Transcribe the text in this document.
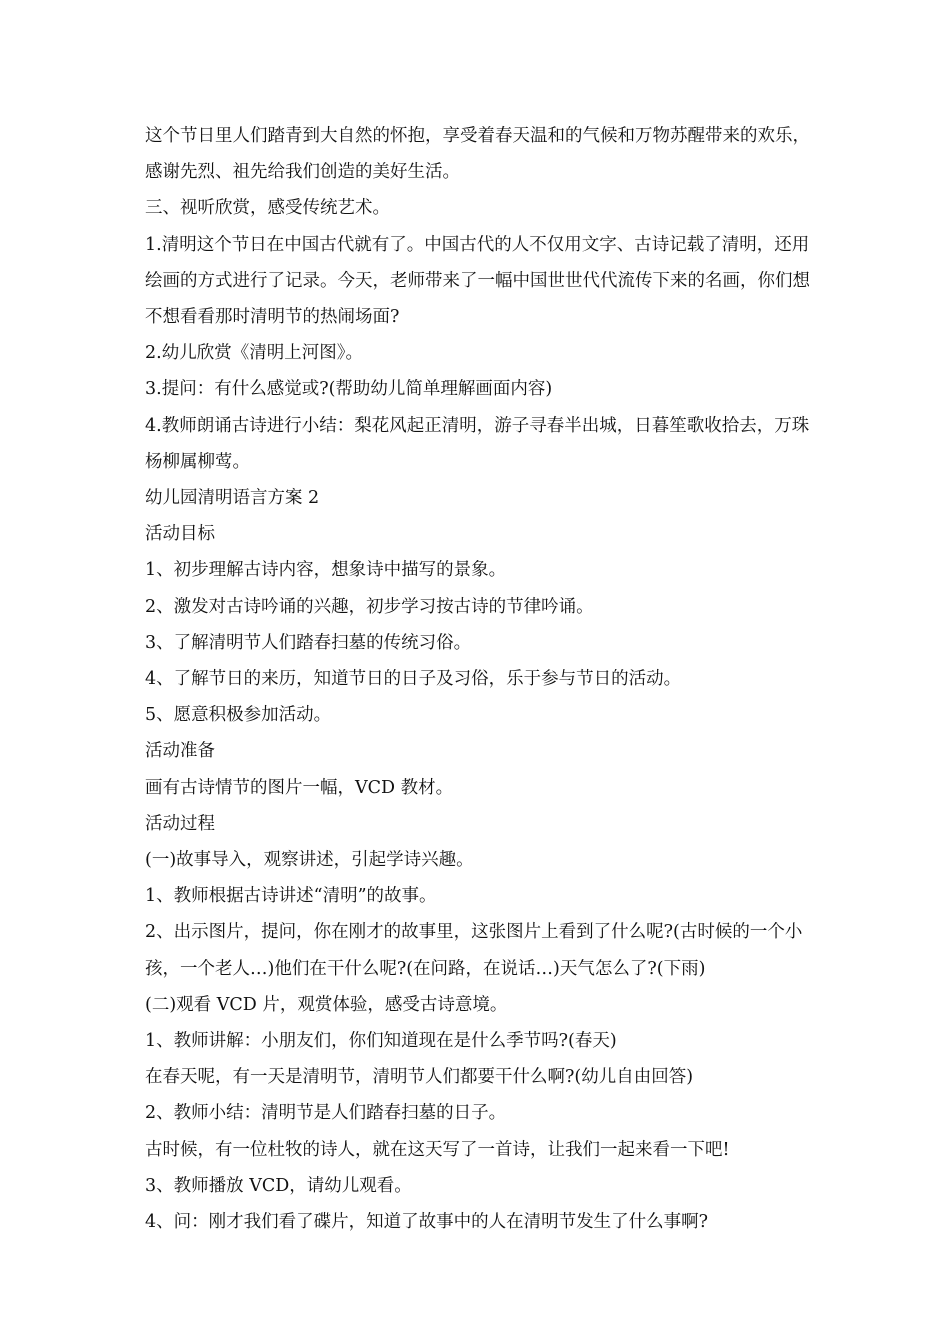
这个节日里人们踏青到大自然的怀抱，享受着春天温和的气候和万物苏醒带来的欢乐，感谢先烈、祖先给我们创造的美好生活。

三、视听欣赏，感受传统艺术。

1.清明这个节日在中国古代就有了。中国古代的人不仅用文字、古诗记载了清明，还用绘画的方式进行了记录。今天，老师带来了一幅中国世世代代流传下来的名画，你们想不想看看那时清明节的热闹场面?

2.幼儿欣赏《清明上河图》。

3.提问：有什么感觉或?(帮助幼儿简单理解画面内容)

4.教师朗诵古诗进行小结：梨花风起正清明，游子寻春半出城，日暮笙歌收拾去，万珠杨柳属柳莺。

幼儿园清明语言方案 2

活动目标

1、初步理解古诗内容，想象诗中描写的景象。

2、激发对古诗吟诵的兴趣，初步学习按古诗的节律吟诵。

3、了解清明节人们踏春扫墓的传统习俗。

4、了解节日的来历，知道节日的日子及习俗，乐于参与节日的活动。

5、愿意积极参加活动。

活动准备

画有古诗情节的图片一幅，VCD 教材。

活动过程

(一)故事导入，观察讲述，引起学诗兴趣。

1、教师根据古诗讲述“清明”的故事。

2、出示图片，提问，你在刚才的故事里，这张图片上看到了什么呢?(古时候的一个小孩，一个老人…)他们在干什么呢?(在问路，在说话…)天气怎么了?(下雨)

(二)观看 VCD 片，观赏体验，感受古诗意境。

1、教师讲解：小朋友们，你们知道现在是什么季节吗?(春天)

在春天呢，有一天是清明节，清明节人们都要干什么啊?(幼儿自由回答)

2、教师小结：清明节是人们踏春扫墓的日子。

古时候，有一位杜牧的诗人，就在这天写了一首诗，让我们一起来看一下吧!

3、教师播放 VCD，请幼儿观看。

4、问：刚才我们看了碟片，知道了故事中的人在清明节发生了什么事啊?
